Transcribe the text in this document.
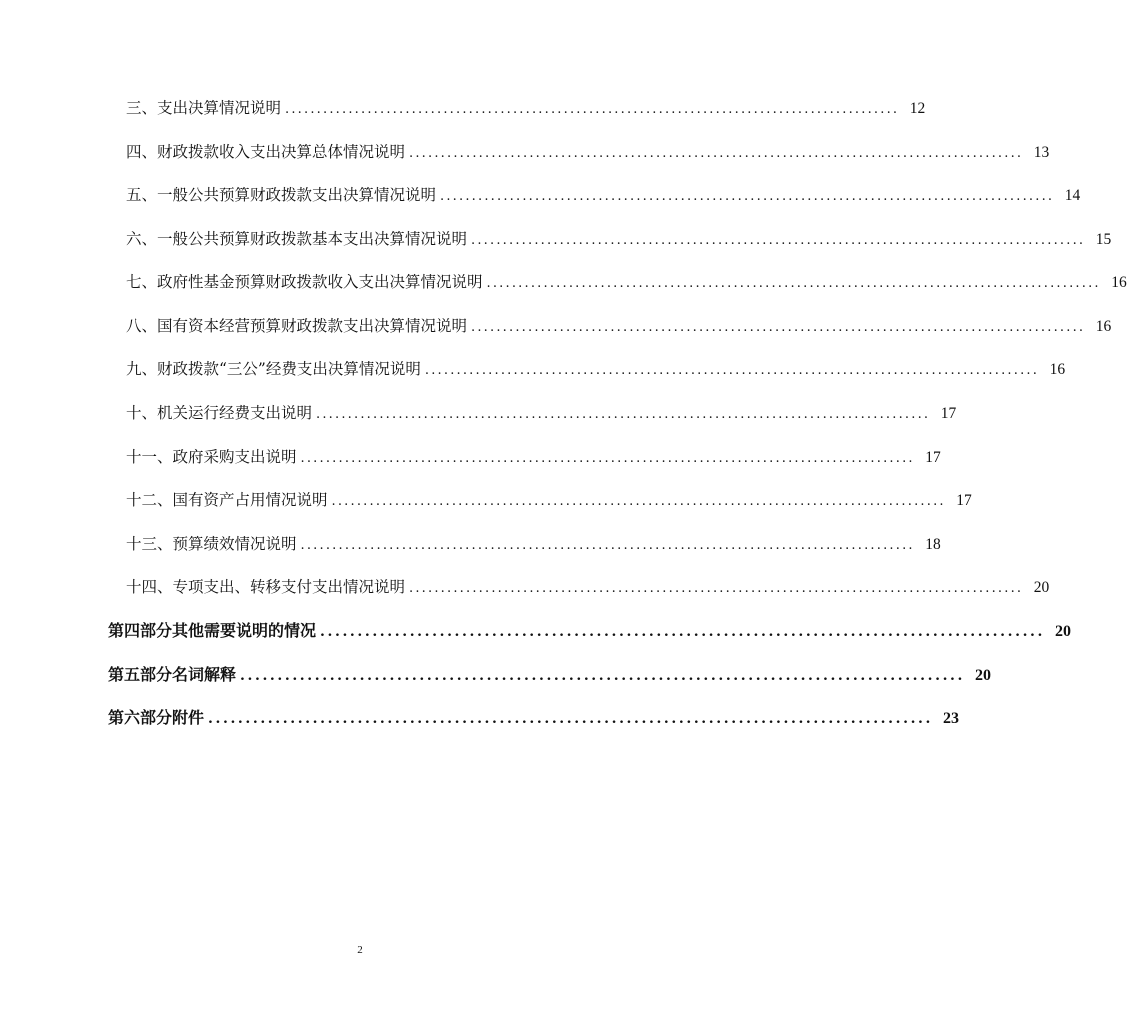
三、支出决算情况说明 ................................................................................................. 12
四、财政拨款收入支出决算总体情况说明 ................................................................................................. 13
五、一般公共预算财政拨款支出决算情况说明 ................................................................................................. 14
六、一般公共预算财政拨款基本支出决算情况说明 ................................................................................................. 15
七、政府性基金预算财政拨款收入支出决算情况说明 ................................................................................................. 16
八、国有资本经营预算财政拨款支出决算情况说明 ................................................................................................. 16
九、财政拨款“三公”经费支出决算情况说明 ................................................................................................. 16
十、机关运行经费支出说明 ................................................................................................. 17
十一、政府采购支出说明 ................................................................................................. 17
十二、国有资产占用情况说明 ................................................................................................. 17
十三、预算绩效情况说明 ................................................................................................. 18
十四、专项支出、转移支付支出情况说明 ................................................................................................. 20
第四部分其他需要说明的情况 ................................................................................................. 20
第五部分名词解释 ................................................................................................. 20
第六部分附件 ................................................................................................. 23
2
